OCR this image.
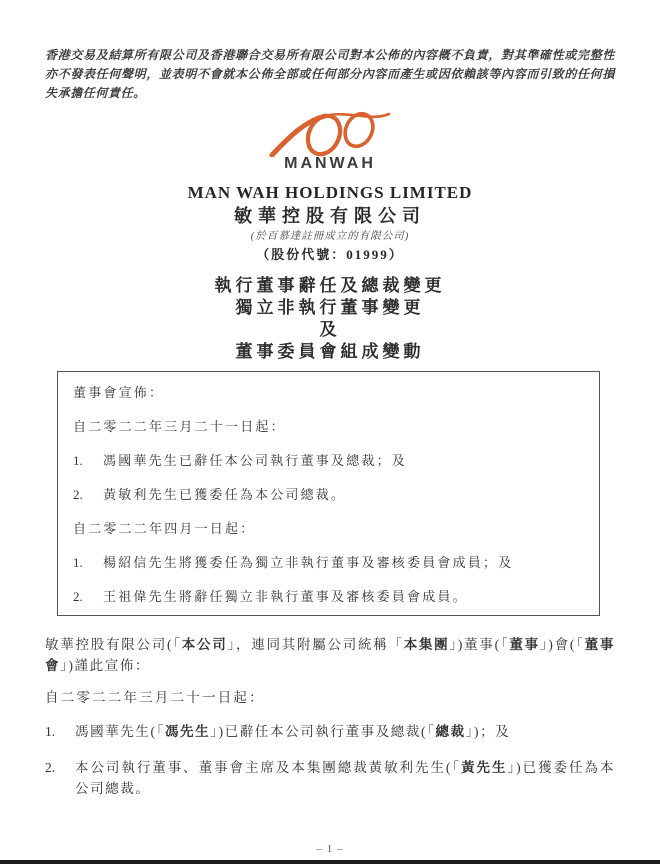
香港交易及結算所有限公司及香港聯合交易所有限公司對本公佈的內容概不負責，對其準確性或完整性亦不發表任何聲明，並表明不會就本公佈全部或任何部分內容而產生或因依賴該等內容而引致的任何損失承擔任何責任。

MANWAH
MAN WAH HOLDINGS LIMITED
敏華控股有限公司
(於百慕達註冊成立的有限公司)
（股份代號：01999）
執行董事辭任及總裁變更
獨立非執行董事變更
及
董事委員會組成變動
董事會宣佈：
自二零二二年三月二十一日起：
1.	馮國華先生已辭任本公司執行董事及總裁；及
2.	黃敏利先生已獲委任為本公司總裁。
自二零二二年四月一日起：
1.	楊紹信先生將獲委任為獨立非執行董事及審核委員會成員；及
2.	王祖偉先生將辭任獨立非執行董事及審核委員會成員。

敏華控股有限公司(「本公司」，連同其附屬公司統稱「本集團」)董事(「董事」)會(「董事會」)謹此宣佈：

自二零二二年三月二十一日起：

1.	馮國華先生(「馮先生」)已辭任本公司執行董事及總裁(「總裁」)；及
2.	本公司執行董事、董事會主席及本集團總裁黃敏利先生(「黃先生」)已獲委任為本公司總裁。
– 1 –
